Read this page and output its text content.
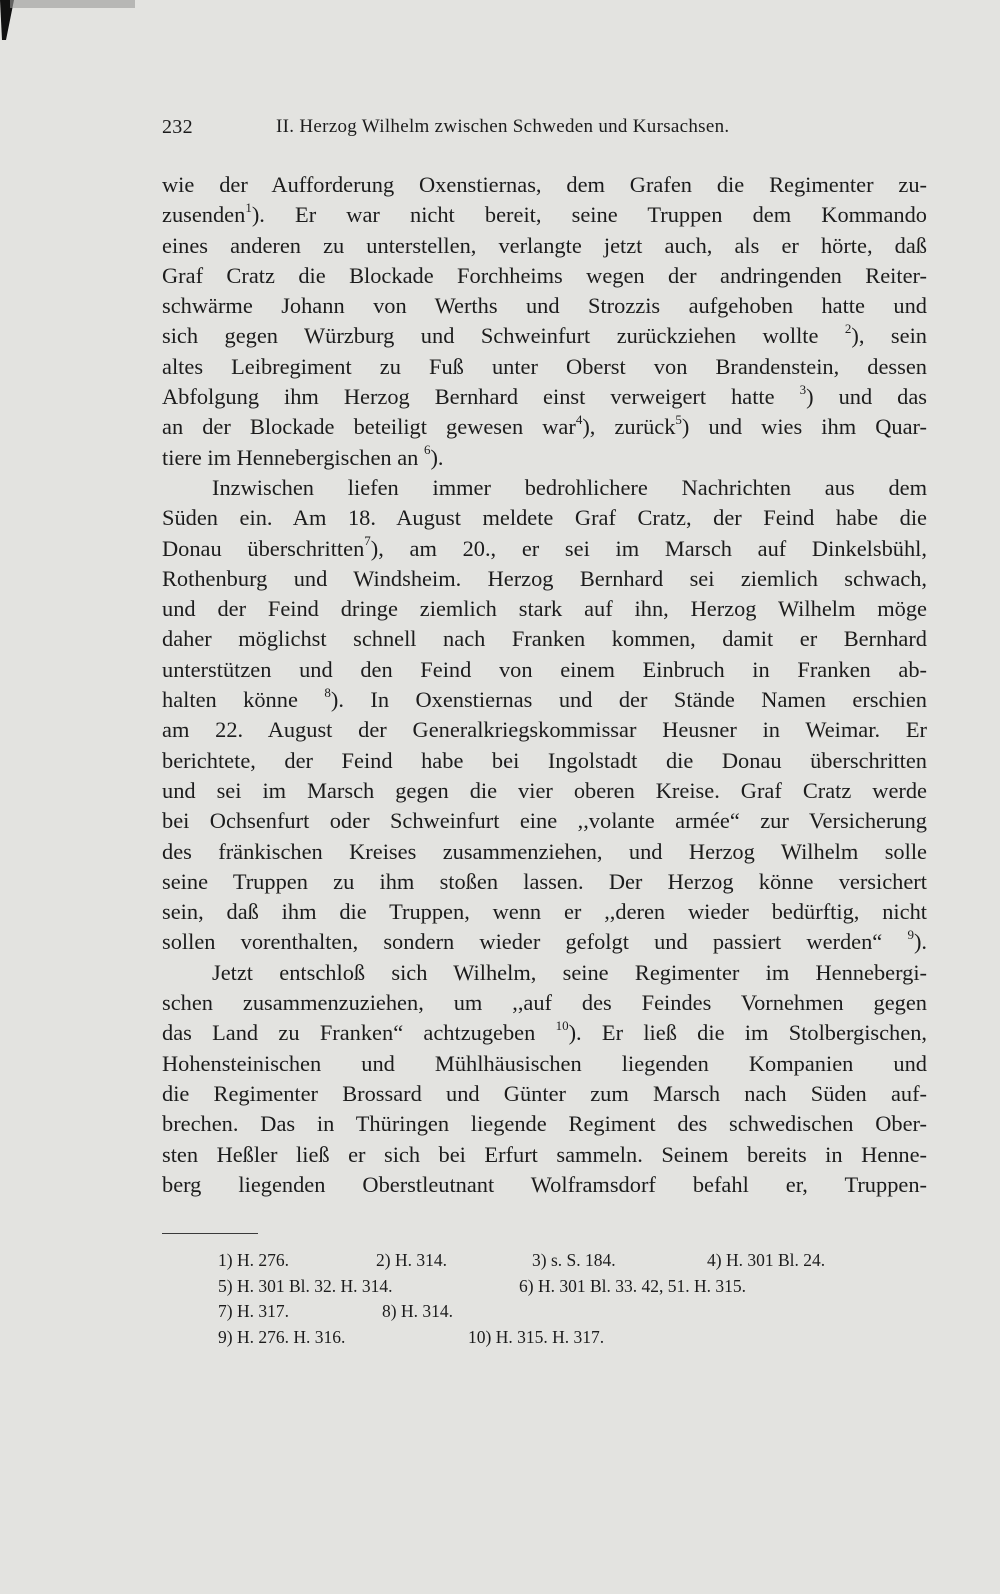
232	II. Herzog Wilhelm zwischen Schweden und Kursachsen.

wie der Aufforderung Oxenstiernas, dem Grafen die Regimenter zu-
zusenden$^1$). Er war nicht bereit, seine Truppen dem Kommando
eines anderen zu unterstellen, verlangte jetzt auch, als er hörte, daß
Graf Cratz die Blockade Forchheims wegen der andringenden Reiter-
schwärme Johann von Werths und Strozzis aufgehoben hatte und
sich gegen Würzburg und Schweinfurt zurückziehen wollte $^2$), sein
altes Leibregiment zu Fuß unter Oberst von Brandenstein, dessen
Abfolgung ihm Herzog Bernhard einst verweigert hatte $^3$) und das
an der Blockade beteiligt gewesen war$^4$), zurück$^5$) und wies ihm Quar-
tiere im Hennebergischen an $^6$).

Inzwischen liefen immer bedrohlichere Nachrichten aus dem
Süden ein. Am 18. August meldete Graf Cratz, der Feind habe die
Donau überschritten$^7$), am 20., er sei im Marsch auf Dinkelsbühl,
Rothenburg und Windsheim. Herzog Bernhard sei ziemlich schwach,
und der Feind dringe ziemlich stark auf ihn, Herzog Wilhelm möge
daher möglichst schnell nach Franken kommen, damit er Bernhard
unterstützen und den Feind von einem Einbruch in Franken ab-
halten könne $^8$). In Oxenstiernas und der Stände Namen erschien
am 22. August der Generalkriegskommissar Heusner in Weimar. Er
berichtete, der Feind habe bei Ingolstadt die Donau überschritten
und sei im Marsch gegen die vier oberen Kreise. Graf Cratz werde
bei Ochsenfurt oder Schweinfurt eine ,,volante armée“ zur Versicherung
des fränkischen Kreises zusammenziehen, und Herzog Wilhelm solle
seine Truppen zu ihm stoßen lassen. Der Herzog könne versichert
sein, daß ihm die Truppen, wenn er ,,deren wieder bedürftig, nicht
sollen vorenthalten, sondern wieder gefolgt und passiert werden“ $^9$).

Jetzt entschloß sich Wilhelm, seine Regimenter im Hennebergi-
schen zusammenzuziehen, um ,,auf des Feindes Vornehmen gegen
das Land zu Franken“ achtzugeben $^{10}$). Er ließ die im Stolbergischen,
Hohensteinischen und Mühlhäusischen liegenden Kompanien und
die Regimenter Brossard und Günter zum Marsch nach Süden auf-
brechen. Das in Thüringen liegende Regiment des schwedischen Ober-
sten Heßler ließ er sich bei Erfurt sammeln. Seinem bereits in Henne-
berg liegenden Oberstleutnant Wolframsdorf befahl er, Truppen-

1) H. 276.	2) H. 314.	3) s. S. 184.	4) H. 301 Bl. 24.
5) H. 301 Bl. 32. H. 314.	6) H. 301 Bl. 33. 42, 51. H. 315.
7) H. 317.	8) H. 314.
9) H. 276. H. 316.	10) H. 315. H. 317.
